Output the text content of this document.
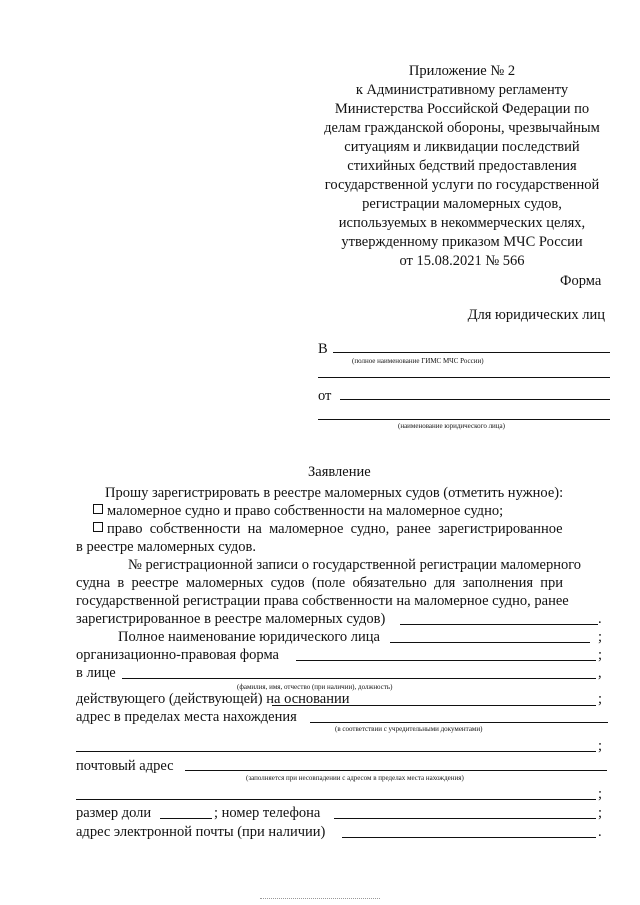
Приложение № 2
к Административному регламенту
Министерства Российской Федерации по
делам гражданской обороны, чрезвычайным
ситуациям и ликвидации последствий
стихийных бедствий предоставления
государственной услуги по государственной
регистрации маломерных судов,
используемых в некоммерческих целях,
утвержденному приказом МЧС России
от 15.08.2021 № 566
Форма
Для юридических лиц
В
(полное наименование ГИМС МЧС России)
от
(наименование юридического лица)
Заявление
Прошу зарегистрировать в реестре маломерных судов (отметить нужное):
маломерное судно и право собственности на маломерное судно;
право  собственности  на  маломерное  судно,  ранее  зарегистрированное
в реестре маломерных судов.
№ регистрационной записи о государственной регистрации маломерного
судна  в  реестре  маломерных  судов  (поле  обязательно  для  заполнения  при
государственной регистрации права собственности на маломерное судно, ранее
зарегистрированное в реестре маломерных судов)	.
Полное наименование юридического лица	;
организационно-правовая форма	;
в лице	,
(фамилия, имя, отчество (при наличии), должность)
действующего (действующей) на основании	;
адрес в пределах места нахождения
(в соответствии с учредительными документами)
;
почтовый адрес
(заполняется при несовпадении с адресом в пределах места нахождения)
;
размер доли	; номер телефона	;
адрес электронной почты (при наличии)	.
